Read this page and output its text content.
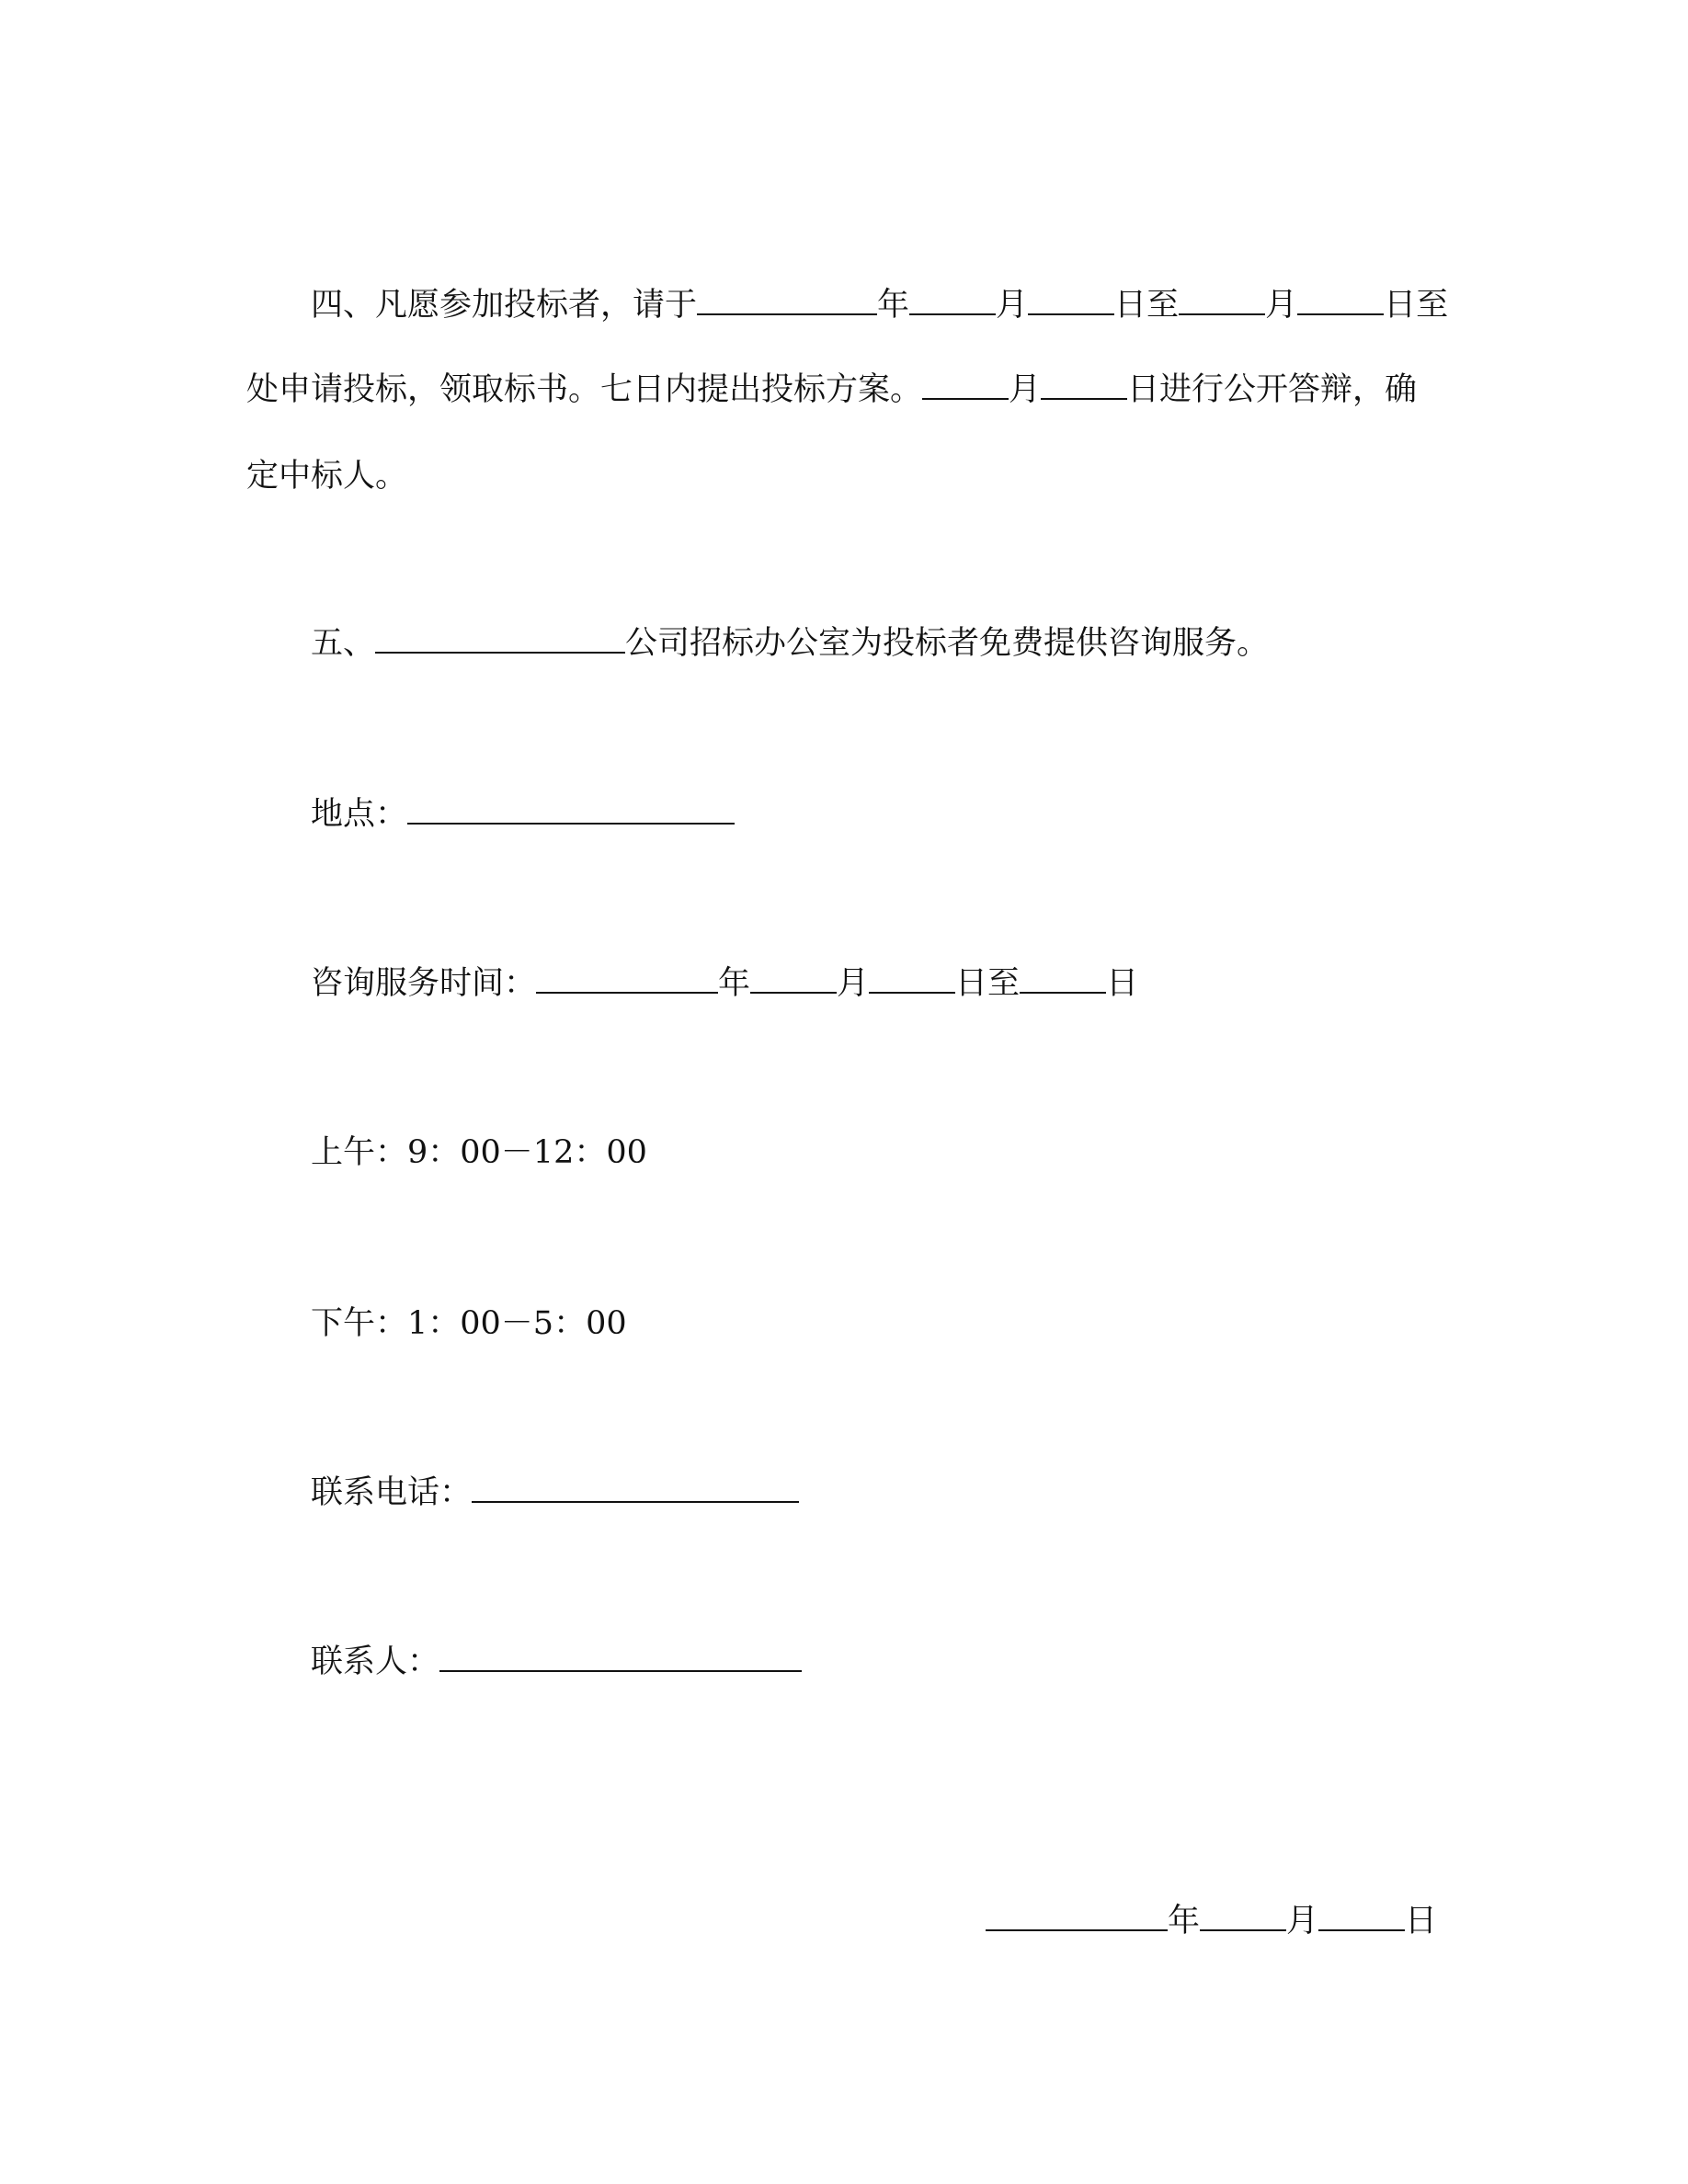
四、凡愿参加投标者，请于	年	月	日至	月	日至
处申请投标，领取标书。七日内提出投标方案。	月	日进行公开答辩，确
定中标人。
五、	公司招标办公室为投标者免费提供咨询服务。
地点：
咨询服务时间：	年	月	日至	日
上午：9：00－12：00
下午：1：00－5：00
联系电话：
联系人：
年	月	日
